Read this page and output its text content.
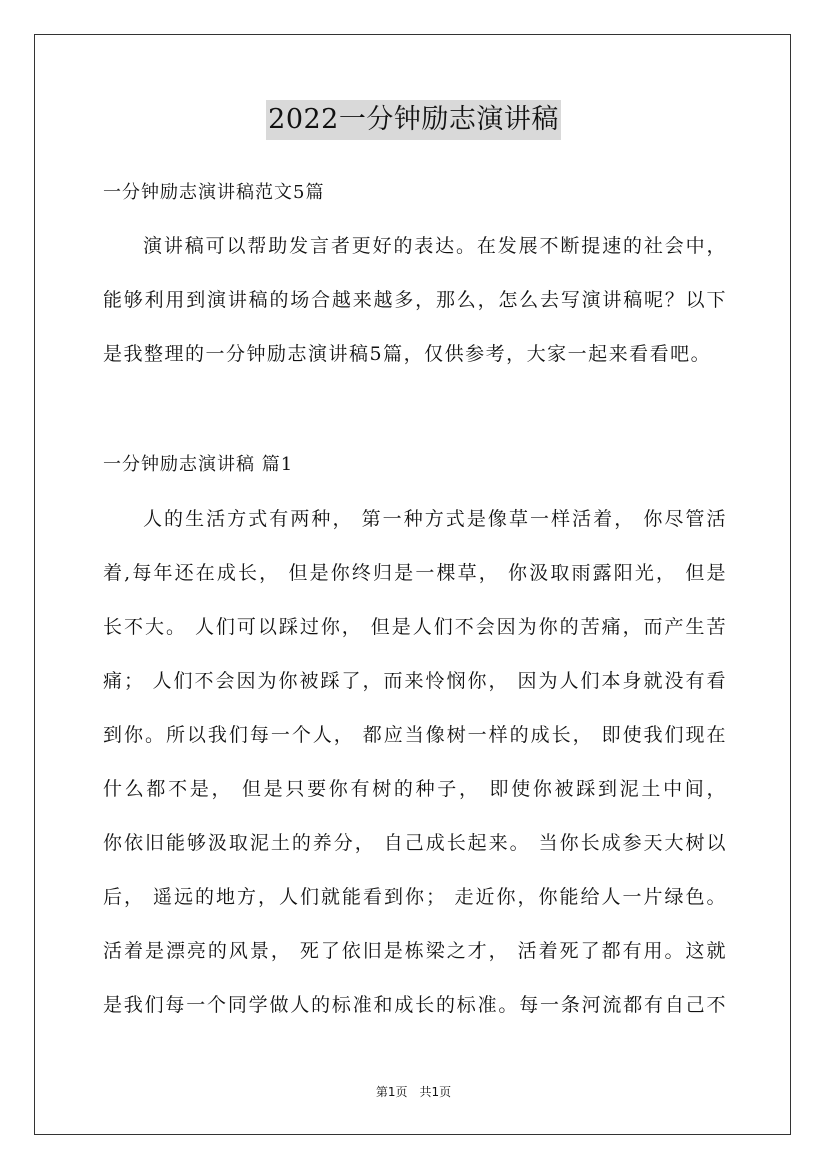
2022一分钟励志演讲稿
一分钟励志演讲稿范文5篇
演讲稿可以帮助发言者更好的表达。在发展不断提速的社会中，
能够利用到演讲稿的场合越来越多，那么，怎么去写演讲稿呢？以下
是我整理的一分钟励志演讲稿5篇，仅供参考，大家一起来看看吧。
一分钟励志演讲稿 篇1
人的生活方式有两种， 第一种方式是像草一样活着， 你尽管活
着,每年还在成长， 但是你终归是一棵草， 你汲取雨露阳光， 但是
长不大。 人们可以踩过你， 但是人们不会因为你的苦痛，而产生苦
痛； 人们不会因为你被踩了，而来怜悯你， 因为人们本身就没有看
到你。所以我们每一个人， 都应当像树一样的成长， 即使我们现在
什么都不是， 但是只要你有树的种子， 即使你被踩到泥土中间，
你依旧能够汲取泥土的养分， 自己成长起来。 当你长成参天大树以
后， 遥远的地方，人们就能看到你； 走近你，你能给人一片绿色。
活着是漂亮的风景， 死了依旧是栋梁之才， 活着死了都有用。这就
是我们每一个同学做人的标准和成长的标准。每一条河流都有自己不
第1页　共1页
